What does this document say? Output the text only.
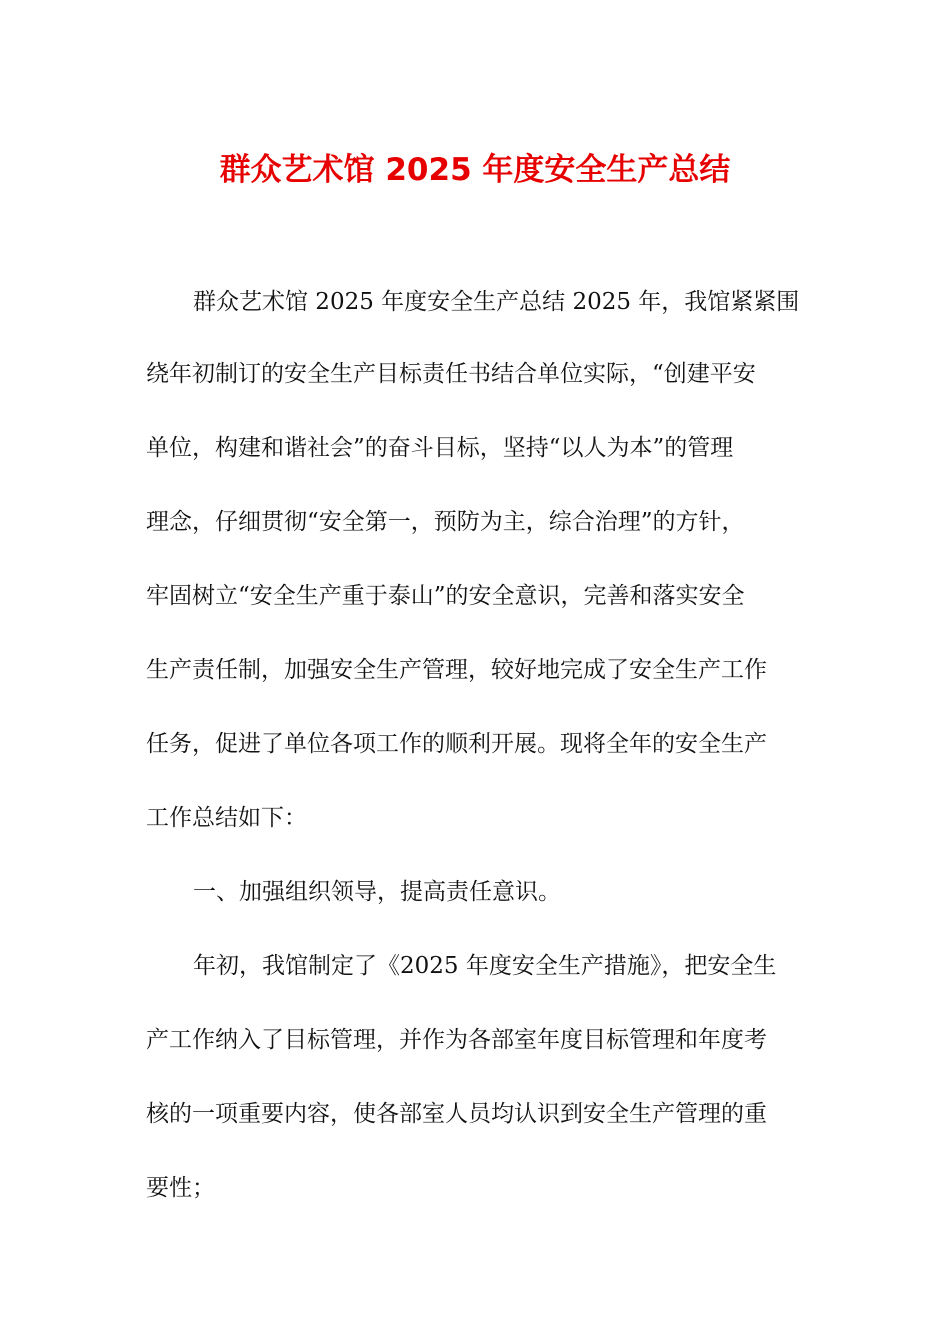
群众艺术馆 2025 年度安全生产总结
群众艺术馆 2025 年度安全生产总结 2025 年，我馆紧紧围
绕年初制订的安全生产目标责任书结合单位实际，“创建平安
单位，构建和谐社会”的奋斗目标，坚持“以人为本”的管理
理念，仔细贯彻“安全第一，预防为主，综合治理”的方针，
牢固树立“安全生产重于泰山”的安全意识，完善和落实安全
生产责任制，加强安全生产管理，较好地完成了安全生产工作
任务，促进了单位各项工作的顺利开展。现将全年的安全生产
工作总结如下：
一、加强组织领导，提高责任意识。
年初，我馆制定了《2025 年度安全生产措施》，把安全生
产工作纳入了目标管理，并作为各部室年度目标管理和年度考
核的一项重要内容，使各部室人员均认识到安全生产管理的重
要性；
